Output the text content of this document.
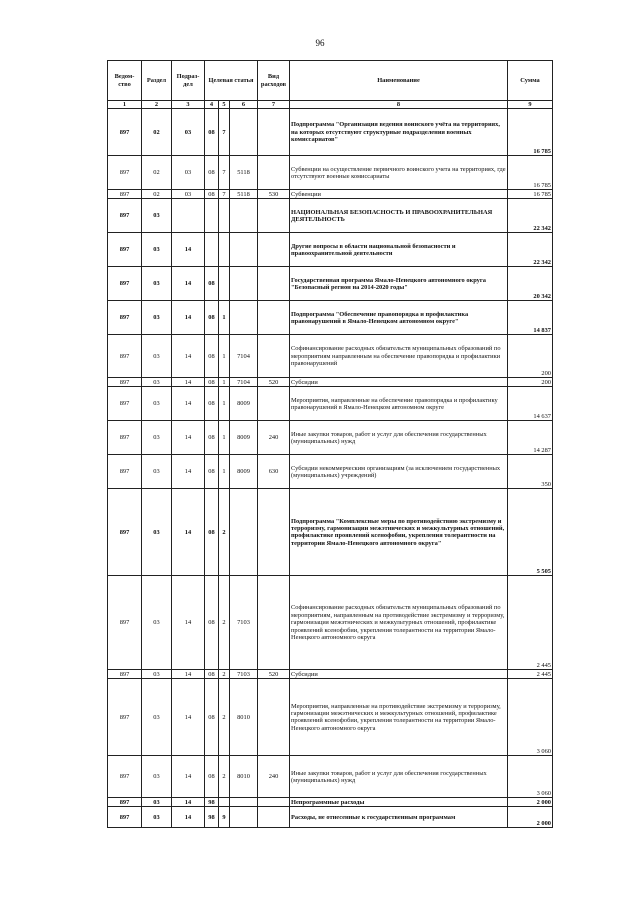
96
Ведом-ство	Раздел	Подраз-дел	Целевая статья			Вид расходов	Наименование	Сумма
1	2	3	4	5	6	7	8	9
897	02	03	08	7			Подпрограмма "Организация ведения воинского учёта на территориях, на которых отсутствуют структурные подразделения военных комиссариатов"	16 785
897	02	03	08	7	5118		Субвенции на осуществление первичного воинского учета на территориях, где отсутствуют военные комиссариаты	16 785
897	02	03	08	7	5118	530	Субвенции	16 785
897	03						НАЦИОНАЛЬНАЯ БЕЗОПАСНОСТЬ И ПРАВООХРАНИТЕЛЬНАЯ ДЕЯТЕЛЬНОСТЬ	22 342
897	03	14					Другие вопросы в области национальной безопасности и правоохранительной деятельности	22 342
897	03	14	08				Государственная программа Ямало-Ненецкого автономного округа "Безопасный регион на 2014-2020 годы"	20 342
897	03	14	08	1			Подпрограмма "Обеспечение правопорядка и профилактика правонарушений в Ямало-Ненецком автономном округе"	14 837
897	03	14	08	1	7104		Софинансирование расходных обязательств муниципальных образований по мероприятиям направленным на обеспечение правопорядка и профилактики правонарушений	200
897	03	14	08	1	7104	520	Субсидии	200
897	03	14	08	1	8009		Мероприятия, направленные на обеспечение правопорядка и профилактику правонарушений в Ямало-Ненецком автономном округе	14 637
897	03	14	08	1	8009	240	Иные закупки товаров, работ и услуг для обеспечения государственных (муниципальных) нужд	14 287
897	03	14	08	1	8009	630	Субсидии некоммерческим организациям (за исключением государственных (муниципальных) учреждений)	350
897	03	14	08	2			Подпрограмма "Комплексные меры по противодействию экстремизму и терроризму, гармонизации межэтнических и межкультурных отношений, профилактике проявлений ксенофобии, укрепления толерантности на территории Ямало-Ненецкого автономного округа"	5 505
897	03	14	08	2	7103		Софинансирование расходных обязательств муниципальных образований по мероприятиям, направленным на противодействие экстремизму и терроризму, гармонизация межэтнических и межкультурных отношений, профилактике проявлений ксенофобии, укрепления толерантности на территории Ямало-Ненецкого автономного округа	2 445
897	03	14	08	2	7103	520	Субсидии	2 445
897	03	14	08	2	8010		Мероприятия, направленные на противодействие экстремизму и терроризму, гармонизации межэтнических и межкультурных отношений, профилактике проявлений ксенофобии, укрепления толерантности на территории Ямало-Ненецкого автономного округа	3 060
897	03	14	08	2	8010	240	Иные закупки товаров, работ и услуг для обеспечения государственных (муниципальных) нужд	3 060
897	03	14	98				Непрограммные расходы	2 000
897	03	14	98	9			Расходы, не отнесенные к государственным программам	2 000
